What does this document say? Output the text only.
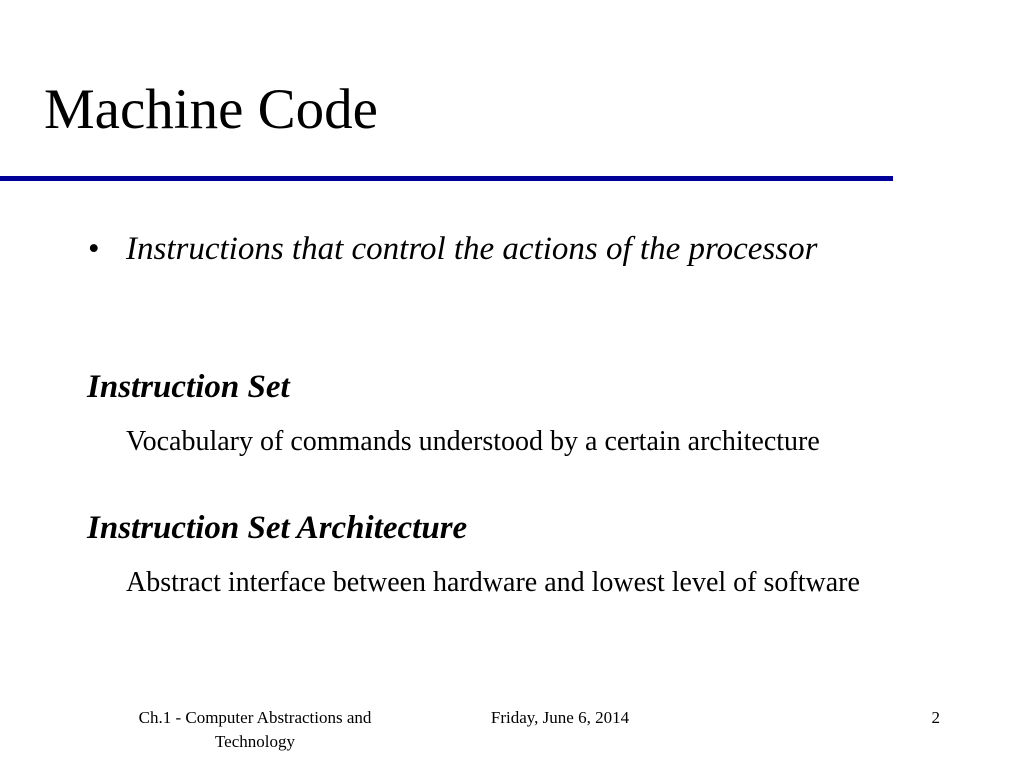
Machine Code
• Instructions that control the actions of the processor
Instruction Set
Vocabulary of commands understood by a certain architecture
Instruction Set Architecture
Abstract interface between hardware and lowest level of software
Ch.1 - Computer Abstractions and Technology
Friday, June 6, 2014	2
